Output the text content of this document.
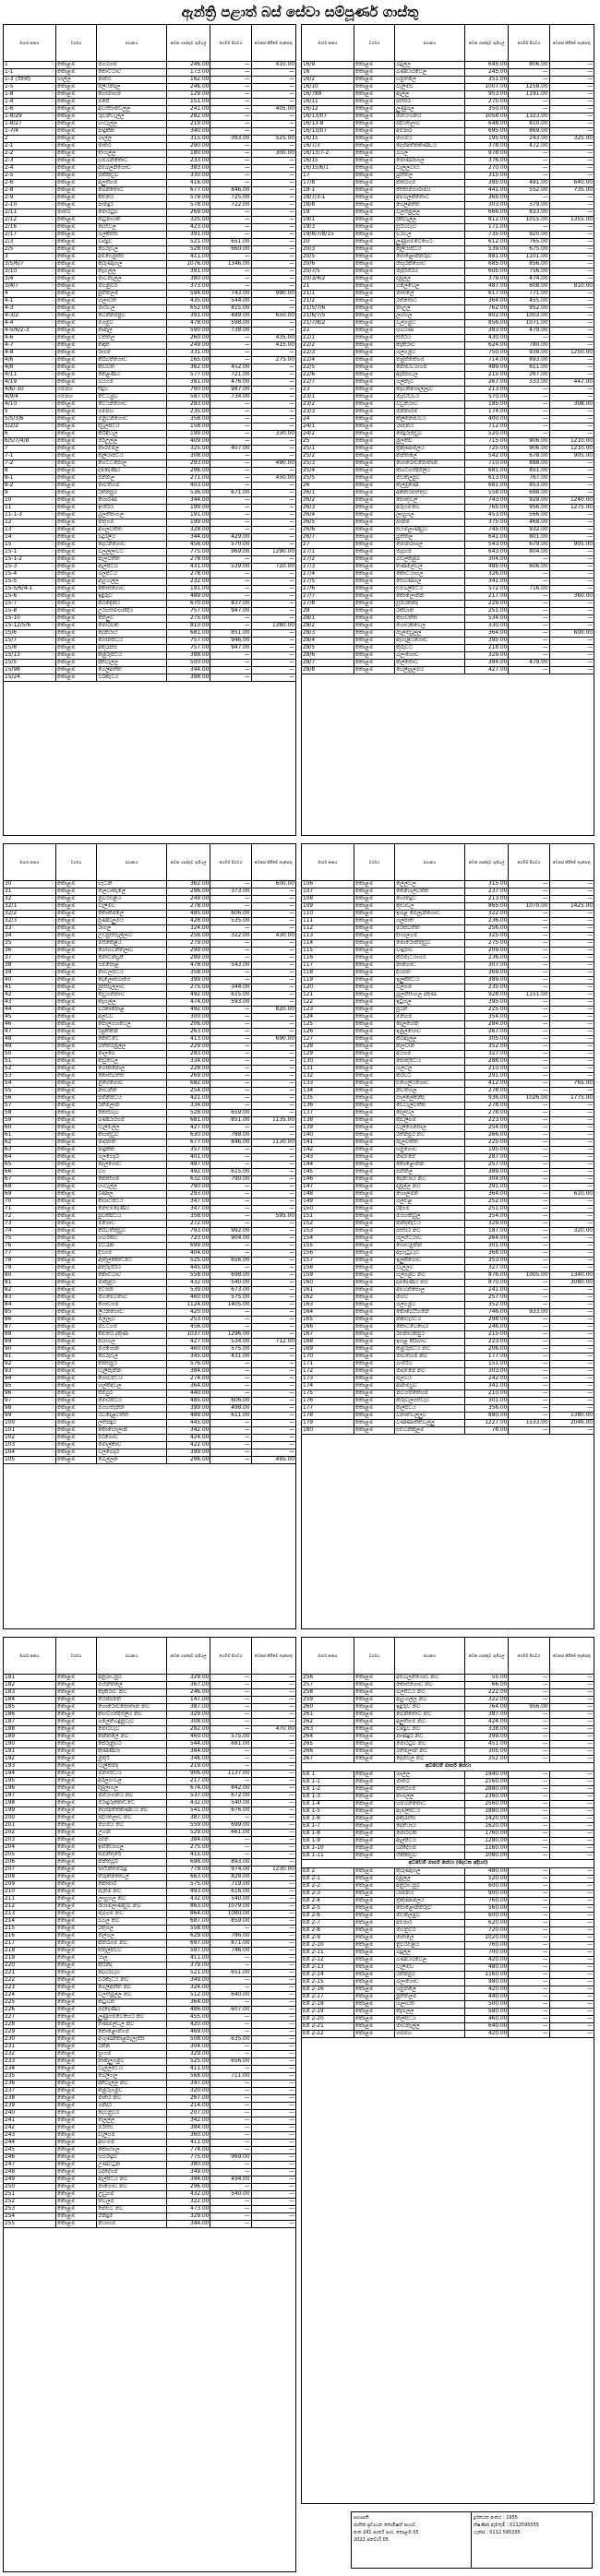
ඇන්ත්‍රි පළාත් බස් සේවා සම්පූර්ණ ගාස්තු
මාර්ග අංකය	වර්ගය	ස්ථානය	නවක ගාස්තුව රුපියල්	ගෙවීම් පියවර	වෙනස් කිරීමේ තැන්පතු
1	කොළඹ	මහරගම	246.00	—	410.00
1-1	කොළඹ	කොට්ටාව	173.00	—	—
1-3 (ඊකේ)	ගාල්ල	මාතර	162.00	—	—
1-5	කොළඹ	පිලියන්දල	246.00	—	—
1-8	කොළඹ	හෝමාගම	129.00	—	—
1-4	කොළඹ	මීපේ	151.00	—	—
1-6	කොළඹ	අවිස්සාවේල්ල	241.00	—	405.00
1-8/29	කොළඹ	රුවන්වැල්ල	282.00	—	—
1-8/27	කොළඹ	හංවැල්ල	219.00	—	—
1-7/4	කොළඹ	පාදුක්ක	340.00	—	—
2	කොළඹ	ගාල්ල	315.00	393.00	525.00
2-1	කොළඹ	මාතර	290.00	—	—
2-2	කොළඹ	තංගල්ල	180.00	—	300.00
2-3	කොළඹ	හම්බන්තොට	233.00	—	—
2-4	කොළඹ	අම්බලන්ගොඩ	383.00	—	—
2-5	කොළඹ	හික්කඩුව	330.00	—	—
2-6	කොළඹ	අලුත්ගම	416.00	—	—
2-8	කොළඹ	බෙන්තොට	677.00	846.00	—
2-9	කොළඹ	කළුතර	579.00	725.00	—
2-10	කොළඹ	පානදුර	578.00	722.00	—
2/11	මාතර	මොරටුව	269.00	—	—
2/12	කොළඹ	කටුනායක	325.00	—	—
2/16	කොළඹ	දෙහිවල	423.00	—	—
2/17	කොළඹ	ගල්කිස්ස	391.00	—	—
2/3	කොළඹ	වාද්දුව	521.00	651.00	—
2/5	කොළඹ	බේරුවල	528.00	660.00	—
3	කොළඹ	අම්බේපුස්ස	411.00	—	—
3/5/6/7	කොළඹ	කුරුණෑගල	1076.00	1346.00	—
3/10	කොළඹ	කෑගල්ල	391.00	—	—
3/4	කොළඹ	මාවනැල්ල	380.00	—	—
3/4/7	කොළඹ	මහනුවර	373.00	—	—
4	කොළඹ	පුත්තලම	594.00	743.00	990.00
4-1	කොළඹ	හලාවත	435.00	544.00	—
4-3	කොළඹ	මාරවිල	652.00	815.00	—
4-3/2	කොළඹ	වෙන්නප්පුව	391.00	489.00	650.00
4-4	කොළඹ	මීගමුව	478.00	598.00	—
4-5/6/2-3	කොළඹ	ජාඇල	590.00	738.00	—
4-6	කොළඹ	වත්තල	260.00	—	435.00
4-7	කොළඹ	කඳාන	249.00	—	415.00
4-8	කොළඹ	රාගම	331.00	—	—
4/6	කොළඹ	කිරිබත්ගොඩ	165.00	—	275.00
4/8	කොළඹ	කඩවත	362.00	452.00	—
4/11	කොළඹ	කෙළණිය	577.00	721.00	—
4/19	කොළඹ	බියගම	381.00	476.00	—
4/6/-10	ගම්පහ	සීදුව	790.00	987.00	—
4/9/4	ගම්පහ	නිට්ටඹුව	587.00	734.00	—
4/10	කොළඹ	වේයන්ගොඩ	283.00	—	—
5	කොළඹ	ගම්පහ	235.00	—	—
5/5/3/6	කොළඹ	මිනුවන්ගොඩ	358.00	—	—
5/2/2	කොළඹ	දිවුලපිටිය	158.00	—	—
6	කොළඹ	කිරිඳිවැල	199.00	—	330.00
6/5/7/4/8	කොළඹ	ගිරිඋල්ල	409.00	—	—
7	කොළඹ	නාරම්මල	325.00	407.00	—
7-1	කොළඹ	කුලියාපිටිය	308.00	—	—
7-2	කොළඹ	හෙට්ටිපොල	293.00	—	490.00
8	කොළඹ	දඹදෙණිය	296.00	—	—
8-1	කොළඹ	පන්නල	271.00	—	450.00
8-2	කොළඹ	මාවතගම	403.00	—	—
9	කොළඹ	රත්නපුර	536.00	671.00	—
10	කොළඹ	හොරණ	344.00	—	—
11	කොළඹ	ඉංගිරිය	199.00	—	—
11-1-3	කොළඹ	බුලත්සිංහල	191.00	—	—
12	කොළඹ	මතුගම	199.00	—	—
13	කොළඹ	අගලවත්ත	328.00	—	—
14	කොළඹ	බදුරලිය	344.00	429.00	—
15	කොළඹ	දොඩන්ගොඩ	456.00	570.00	—
15-1	කොළඹ	වලල්ලාවිට	775.00	969.00	1290.00
15-1-2	කොළඹ	පැලවත්ත	278.00	—	—
15-3	කොළඹ	ඇල්පිටිය	431.00	539.00	720.00
15-4	කොළඹ	බලපිටිය	278.00	—	—
15-5	කොළඹ	අහුංගල්ල	232.00	—	—
15-5/6/4-1	කොළඹ	කොස්ගොඩ	191.00	—	—
15-6	කොළඹ	ඉඳුරුව	489.00	—	—
15-7	කොළඹ	කරඳෙනිය	670.00	837.00	—
15-8	කොළඹ	උරගස්මංහන්දිය	757.00	947.00	—
15-10	කොළඹ	නෙලුව	275.00	—	—
15-12/5/6	කොළඹ	මොරවක	810.00	—	1380.00
15/6	කොළඹ	දෙනියාය	681.00	851.00	—
15/7	කොළඹ	ගෝනපිටිය	757.00	946.00	—
15/8	කොළඹ	අකුරැස්ස	757.00	947.00	—
15/13	කොළඹ	කඹුරුපිටිය	388.00	—	—
15/5	කොළඹ	දික්වැල්ල	500.00	—	—
15/98	කොළඹ	බෙලිඅත්ත	344.00	—	—
15/24	කොළඹ	වීරකැටිය	398.00	—	—
මාර්ග අංකය	වර්ගය	ස්ථානය	නවක ගාස්තුව රුපියල්	ගෙවීම් පියවර	වෙනස් කිරීමේ තැන්පතු
16/9	කොළඹ	බදුල්ල	645.00	806.00	—
16	කොළඹ	බණ්ඩාරවෙල	245.00	—	—
16/2	කොළඹ	හපුතලේ	351.00	—	—
16/10	කොළඹ	වැලිමඩ	1007.00	1258.00	—
16/788	කොළඹ	ඇල්ල	953.00	1191.00	—
16/11	කොළඹ	පස්සර	275.00	—	—
16/12	කොළඹ	ලුණුගල	350.00	—	—
16/13/07	කොළඹ	මහියංගනය	1058.00	1323.00	—
16/13-8	කොළඹ	පදියතලාව	648.00	810.00	—
16/13/07	කොළඹ	අම්පාර	695.00	869.00	—
16/15	කොළඹ	මහඔය	195.00	243.00	325.00
16/7/3	කොළඹ	දෙහිඅත්තකණ්ඩිය	378.00	472.00	—
16/13/7-2	කොළඹ	බිබිල	978.00	—	—
16/15	කොළඹ	මොණරාගල	376.00	—	—
16/15/6/1	කොළඹ	වැල්ලවාය	270.00	—	—
17	කොළඹ	බුත්තල	315.00	—	—
17/8	කොළඹ	කතරගම	385.00	481.00	640.00
18-1	කොළඹ	තිස්සමහාරාමය	441.00	552.00	735.00
18/7/3-1	කොළඹ	අම්බලන්තොට	365.00	—	—
18/8	කොළඹ	බෙලිඅත්ත	303.00	379.00	—
19	කොළඹ	වලස්මුල්ල	666.00	833.00	—
19/1	කොළඹ	දික්වැල්ල	812.00	1015.00	1355.00
19/3	කොළඹ	සූරියවැව	171.00	—	—
19/8/7/8/15	කොළඹ	වීරවිල	735.00	920.00	—
20	කොළඹ	ලුණුගම්වෙහෙර	612.00	765.00	—
20/3	කොළඹ	කුලියාපිටිය	539.00	675.00	—
20/5	කොළඹ	පොළොන්නරුව	881.00	1101.00	—
20/6	කොළඹ	හිඟුරක්ගොඩ	685.00	856.00	—
20/7/5	කොළඹ	මැදිරිගිරිය	605.00	756.00	—
20/3/4/2	කොළඹ	දඹුල්ල	379.00	474.00	—
21	කොළඹ	ගලේවෙල	487.00	608.00	810.00
21/1	කොළඹ	මාතලේ	617.00	771.00	—
21/2	කොළඹ	රත්තොට	364.00	455.00	—
21/5/7/6	කොළඹ	නාඋල	762.00	952.00	—
21/6/7/5	කොළඹ	ලග්ගල	802.00	1003.00	—
21/7/8/2	කොළඹ	විල්ගමුව	856.00	1071.00	—
22	කොළඹ	හබරණ	383.00	479.00	—
22/1	කොළඹ	සීගිරිය	430.00	—	—
22/2	කොළඹ	කැකිරාව	624.00	780.00	—
22/3	කොළඹ	ගල්ගමුව	750.00	938.00	1250.00
22/4	කොළඹ	තඹුත්තේගම	714.00	893.00	—
22/5	කොළඹ	නොච්චියාගම	489.00	611.00	—
22/6	කොළඹ	ඇප්පාවල	215.00	267.00	—
22/7	කොළඹ	ගල්නෑව	267.00	333.00	447.00
23	කොළඹ	කැබිතිගොල්ලෑව	213.00	—	—
23/1	කොළඹ	මැදවච්චිය	570.00	—	—
23/2	කොළඹ	වවුනියාව	185.00	—	308.00
23/3	කොළඹ	මන්නාරම	174.00	—	—
24	කොළඹ	කිලිනොච්චිය	400.00	—	—
24/1	කොළඹ	යාපනය	712.00	—	—
24/2	කොළඹ	පේදුරුතුඩුව	520.00	—	—
25	කොළඹ	මුලතිව්	715.00	906.00	1210.00
25/1	කොළඹ	ත්‍රිකුණාමලය	725.00	906.00	1210.00
25/2	කොළඹ	කන්තලේ	542.00	678.00	905.00
25/3	කොළඹ	හොරොව්පොතාන	710.00	888.00	—
25/4	කොළඹ	කහටගස්දිගිලිය	681.00	851.00	—
25/5	කොළඹ	මඩකලපුව	613.00	767.00	—
26	කොළඹ	කල්මුණේ	681.00	853.00	—
26/1	කොළඹ	අක්කරපත්තුව	558.00	698.00	—
26/2	කොළඹ	පොතුවිල්	743.00	929.00	1240.00
26/3	කොළඹ	අරුගම්බේ	765.00	956.00	1275.00
26/4	කොළඹ	ලාහුගල	453.00	566.00	—
26/5	කොළඹ	පානම	375.00	468.00	—
26/6	කොළඹ	සියඹලාණ්ඩුව	745.00	932.00	—
26/7	කොළඹ	බුත්තල	641.00	801.00	—
27	කොළඹ	මොනරාගල	543.00	679.00	905.00
27/1	කොළඹ	මැදගම	643.00	804.00	—
27/2	කොළඹ	බඩල්කුඹුර	304.00	—	—
27/3	කොළඹ	තණමල්විල	485.00	606.00	—
27/4	කොළඹ	කොටියාගල	326.00	—	—
27/5	කොළඹ	සෙවණගල	341.00	—	—
27/6	කොළඹ	එම්බිලිපිටිය	572.00	716.00	—
27/7	කොළඹ	කොලොන්න	217.00	—	360.00
27/8	කොළඹ	සූරියකන්ද	229.00	—	—
28	කොළඹ	රක්වාන	251.00	—	—
28/1	කොළඹ	කහවත්ත	534.00	—	—
28/2	කොළඹ	ගොඩකවෙල	330.00	—	—
28/3	කොළඹ	පැල්මඩුල්ල	364.00	—	600.00
28/4	කොළඹ	ඇහැළියගොඩ	395.00	—	—
28/5	කොළඹ	කුරුවිට	218.00	—	—
28/6	කොළඹ	බලංගොඩ	329.00	—	—
28/7	කොළඹ	කල්තොට	384.00	479.00	—
28/8	කොළඹ	බෙලිහුල්ඔය	427.00	—	—
මාර්ග අංකය	වර්ගය	ස්ථානය	නවක ගාස්තුව රුපියල්	ගෙවීම් පියවර	වෙනස් කිරීමේ තැන්පතු
30	කොළඹ	හැටන්	362.00	—	600.00
31	කොළඹ	තලවාකැලේ	296.00	373.00	—
32	කොළඹ	නුවරඑළිය	249.00	—	—
32/1	කොළඹ	වැලිමඩ	278.00	—	—
32/2	කොළඹ	කොත්මලේ	485.00	606.00	—
32/3	කොළඹ	පූණ්ඩලුඔය	428.00	535.00	—
33	කොළඹ	රාගල	324.00	—	—
34	කොළඹ	උඩපුස්සැල්ලාව	256.00	322.00	430.00
35	කොළඹ	මස්කෙළිය	279.00	—	—
36	කොළඹ	බෝගවන්තලාව	299.00	—	—
37	කොළඹ	නෝටන්බ්‍රිජ්	289.00	—	—
38	කොළඹ	ගම්පොළ	478.00	543.00	—
39	කොළඹ	නාවලපිටිය	358.00	—	—
40	කොළඹ	දොලොස්බාගේ	399.00	—	—
41	කොළඹ	පුස්සැල්ලාව	275.00	344.00	—
42	කොළඹ	කඩුගන්නාව	492.00	615.00	—
43	කොළඹ	කෑගල්ල	474.00	593.00	—
44	කොළඹ	වරකාපොළ	492.00	—	820.00
45	කොළඹ	අලව්ව	300.00	—	—
46	කොළඹ	පොල්ගහවෙල	206.00	—	—
47	කොළඹ	රඹුක්කන	263.00	—	—
48	කොළඹ	කෝට්ටේ	413.00	—	690.00
49	කොළඹ	බත්තරමුල්ල	229.00	—	—
50	කොළඹ	මාලබේ	283.00	—	—
51	කොළඹ	කඩුවෙල	334.00	—	—
52	කොළඹ	ගෝනපොල	228.00	—	—
53	කොළඹ	කොස්වත්ත	269.00	—	—
54	කොළඹ	නුගේගොඩ	682.00	—	—
55	කොළඹ	නාවින්න	254.00	—	—
56	කොළඹ	පන්නිපිටිය	421.00	—	—
57	කොළඹ	රත්මලාන	334.00	—	—
58	කොළඹ	කෙස්බෑව	528.00	659.00	—
59	කොළඹ	බණ්ඩාරගම	681.00	851.00	1135.00
60	කොළඹ	වැල්මිල්ල	427.00	—	—
61	කොළඹ	කහතුඩුව	630.00	788.00	—
62	කොළඹ	මාදපාත	677.00	846.00	1130.00
63	කොළඹ	පාදුක්ක	357.00	—	—
64	කොළඹ	ගලගෙදර	401.00	—	—
65	කොළඹ	දෙල්ගොඩ	487.00	—	—
66	කොළඹ	වග	492.00	615.00	—
67	කොළඹ	කෝස්ගම	632.00	790.00	—
68	කොළඹ	හංවැල්ල	790.00	—	—
69	කොළඹ	රණාල	293.00	—	—
70	කොළඹ	කහාටපිටිය	347.00	—	—
71	කොළඹ	නෙළුම්දෙණිය	347.00	—	—
72	කොළඹ	පුවක්පිටිය	358.00	—	595.00
73	කොළඹ	මීගොඩ	272.00	—	—
74	කොළඹ	කිරිවත්තුඩුව	793.00	992.00	—
75	කොළඹ	හබරකඩ	723.00	904.00	—
76	කොළඹ	වටරැක	699.00	—	—
77	කොළඹ	දියගම	404.00	—	—
78	කොළඹ	ඇතුල්කෝට්ටේ	525.00	656.00	—
79	කොළඹ	අතුරුගිරිය	445.00	—	—
80	කොළඹ	කොට්ටාව	558.00	698.00	—
81	කොළඹ	මාකුඹුර	432.00	540.00	—
82	කොළඹ	පිටිපන	539.00	673.00	—
83	කොළඹ	මහමේවනාව	460.00	575.00	—
84	කොළඹ	ගොඩගම	1124.00	1405.00	—
85	කොළඹ	ලියනගොඩ	420.00	—	—
86	කොළඹ	මිල්ලෑව	253.00	—	—
87	කොළඹ	ඕවිටිගම	456.00	—	—
88	කොළඹ	කළුතර දකුණ	1037.00	1296.00	—
89	කොළඹ	පයාගල	427.00	534.00	712.00
90	කොළඹ	මග්ගොන	460.00	575.00	—
91	කොළඹ	බේරුවල	345.00	431.00	—
92	කොළඹ	තිස්සපුර	576.00	—	—
93	කොළඹ	වැලිපැන්න	384.00	—	—
94	කොළඹ	ගොඩපිටිය	274.00	—	—
95	කොළඹ	හල්කඳවිල	364.00	—	—
96	කොළඹ	පිම්බුර	440.00	—	—
97	කොළඹ	මොරපිටිය	485.00	606.00	—
98	කොළඹ	මීගහතැන්න	399.00	498.00	—
99	කොළඹ	යටදොළවත්ත	489.00	611.00	—
100	කොළඹ	ලත්පඳුර	445.00	—	—
101	කොළඹ	කොහොලාන	342.00	—	—
102	කොළඹ	පරගොඩ	424.00	—	—
103	කොළඹ	මොල්කාව	422.00	—	—
104	කොළඹ	වලගෙදර	399.00	—	—
105	කොළඹ	බෙල්ලන	296.00	—	495.00
මාර්ග අංකය	වර්ගය	ස්ථානය	නවක ගාස්තුව රුපියල්	ගෙවීම් පියවර	වෙනස් කිරීමේ තැන්පතු
106	කොළඹ	ලේල්වල	315.00	—	—
107	කොළඹ	කෙහෙල්වත්ත	237.00	—	—
108	කොළඹ	ගෝනදුව	213.00	—	—
109	කොළඹ	කුඩාවීල	865.00	1070.00	1425.00
110	කොළඹ	ඉහළ පෙලැන්ගොඩ	322.00	—	—
111	කොළඹ	ගල්පාත	236.00	—	—
112	කොළඹ	මිරිස්වත්ත	256.00	—	—
113	කොළඹ	සිංහලගම	325.00	—	—
114	කොළඹ	මොරොන්තුඩුව	275.00	—	—
115	කොළඹ	වාදුරාව	209.00	—	—
116	කොළඹ	කිරිමැටියාගර	236.00	—	—
117	කොළඹ	නාගොඩ	307.00	—	—
118	කොළඹ	දියපත	369.00	—	—
119	කොළඹ	ඉලුක්පිටිය	389.00	—	—
120	කොළඹ	වල්ගම	235.00	—	—
121	කොළඹ	බුලත්සිංහල දකුණ	928.00	1151.00	—
122	කොළඹ	ඉටුගල	395.00	—	—
123	කොළඹ	පුරන්	225.00	—	—
124	කොළඹ	මිනිගම	354.00	—	—
125	කොළඹ	දොලහේන	284.00	—	—
126	කොළඹ	ඉඹුල්ගොඩ	267.00	—	—
127	කොළඹ	කිරිඇල්ල	305.00	—	—
128	කොළඹ	කලවාන	352.00	—	—
129	කොළඹ	අයගම	327.00	—	—
130	කොළඹ	පොතුපිටිය	288.00	—	—
131	කොළඹ	ගල්වල	210.00	—	—
132	කොළඹ	කරවිට	291.00	—	—
133	කොළඹ	එහෙලියගොඩ	412.00	—	765.00
134	කොළඹ	නිවිතිගල	278.00	—	—
135	කොළඹ	පාල්ලේකන්ද	936.00	1026.00	1775.00
136	කොළඹ	වේවැල්වත්ත	278.00	—	—
137	කොළඹ	දෙල්වල	278.00	—	—
138	කොළඹ	කුඩලිගම	223.00	—	—
139	කොළඹ	වැලිගෙපොල	254.00	—	—
140	කොළඹ	රත්නපුර නව	266.00	—	—
141	කොළඹ	පැලවත්ත	225.00	—	—
142	කොළඹ	හපුගොඩ	195.00	—	—
143	කොළඹ	මාදම්පේ	287.00	—	—
144	කොළඹ	කොළොන්න	257.00	—	—
145	කොළඹ	පන්නිල	389.00	—	—
146	කොළඹ	දෙනියාය නව	304.00	—	—
147	කොළඹ	දඹුල්ල නව	391.00	—	—
148	කොළඹ	හොල්මන්	364.00	—	610.00
149	කොළඹ	ගල්එළ	252.00	—	—
150	කොළඹ	රිදීගම	251.00	—	—
151	කොළඹ	මීගහකිවුල	354.00	—	—
152	කොළඹ	කන්දකැටිය	329.00	—	—
153	කොළඹ	පස්සර නව	187.00	—	320.00
154	කොළඹ	ගලහිටියාව	264.00	—	—
155	කොළඹ	ගොඩමුන්න	301.00	—	—
156	කොළඹ	ඇහැටුවැව	368.00	—	—
157	කොළඹ	ඉලුක්ගොඩ	353.00	—	—
158	කොළඹ	වැල්ලව	327.00	—	—
159	කොළඹ	ගල්ගමුව නව	876.00	1005.00	1340.00
160	කොළඹ	දඹදෙණිය නව	870.00	—	3080.00
161	කොළඹ	අම්බන්පොල	241.00	—	—
162	කොළඹ	මහව	257.00	—	—
163	කොළඹ	ගල්ගමුව	352.00	—	—
164	කොළඹ	කොබෙයිගනේ	746.00	933.00	—
165	කොළඹ	නිකවැරටිය	298.00	—	—
166	කොළඹ	කොටවෙහෙර	246.00	—	—
167	කොළඹ	රසනායකපුර	215.00	—	—
168	කොළඹ	ඉහළ කිරිබාව	223.00	—	—
169	කොළඹ	කඹුරුපිටිය නව	206.00	—	—
170	කොළඹ	මාවතගම නව	177.00	—	—
171	කොළඹ	බිංගිරිය	151.00	—	—
172	කොළඹ	මාදම්පේ නව	303.00	—	—
173	කොළඹ	පලවිය	242.00	—	—
174	කොළඹ	ආනමඩුව	341.00	—	—
175	කොළඹ	නවගත්තේගම	210.00	—	—
176	කොළඹ	කරුවලගස්වැව	301.00	—	—
177	කොළඹ	කල්පිටිය	356.00	—	—
178	කොළඹ	වනාතවිල්ලුව	880.00	—	1380.00
179	කොළඹ	වණ්ණාත්තිවිල්ලු	1227.00	1533.00	2046.00
180	කොළඹ	එළුවන්කුලම	78.00	—	—
මාර්ග අංකය	වර්ගය	ස්ථානය	නවක ගාස්තුව රුපියල්	ගෙවීම් පියවර	වෙනස් කිරීමේ තැන්පතු
181	කොළඹ	අනුරාධපුර	329.00	—	—
182	කොළඹ	මිහින්තලේ	367.00	—	—
183	කොළඹ	කැකිරාව නව	246.00	—	—
184	කොළඹ	තිරප්පනේ	147.00	—	—
185	කොළඹ	හොරොව්පොතාන නව	387.00	—	—
186	කොළඹ	කහටගස්දිගිලිය නව	329.00	—	—
187	කොළඹ	ගලේන්බිඳුනුවැව	308.00	—	—
188	කොළඹ	මොරවැව	282.00	—	470.00
189	කොළඹ	කන්තලේ නව	460.00	575.00	—
190	කොළඹ	සේරුනුවර	544.00	681.00	—
191	කොළඹ	කිණ්ණියා	384.00	—	—
192	කොළඹ	මුතූර්	346.00	—	—
193	කොළඹ	වැලිකන්ද	219.00	—	—
194	කොළඹ	මනම්පිටිය	906.00	1137.00	—
195	කොළඹ	අරලගංවිල	217.00	—	—
196	කොළඹ	දිඹුලාගල	674.00	842.00	—
197	කොළඹ	මහියංගනය නව	537.00	672.00	—
198	කොළඹ	ගිරාදුරුකෝට්ටේ	432.00	540.00	—
199	කොළඹ	දෙහිඅත්තකණ්ඩිය නව	541.00	676.00	—
200	කොළඹ	පදියතලාව නව	387.00	—	—
201	කොළඹ	මහඔය නව	559.00	699.00	—
202	කොළඹ	උහන	529.00	661.00	—
203	කොළඹ	දමන	384.00	—	—
204	කොළඹ	ඉඟිනියාගල	275.00	—	—
205	කොළඹ	සමන්තුරේ	415.00	—	—
206	කොළඹ	නින්තවූර්	698.00	893.00	—
207	කොළඹ	සායින්තමරුදු	779.00	974.00	1230.00
208	කොළඹ	තිරුක්කෝවිල්	663.00	828.00	—
209	කොළඹ	කෝමාරි	575.00	719.00	—
210	කොළඹ	පැනම නව	493.00	616.00	—
211	කොළඹ	ලාහුගල නව	432.00	540.00	—
212	කොළඹ	ශියාඹලාණ්ඩුව නව	863.00	1079.00	—
213	කොළඹ	මැදගම නව	864.00	1080.00	—
214	කොළඹ	බිබිල නව	687.00	859.00	—
215	කොළඹ	රතුගල	558.00	—	—
216	කොළඹ	නිල්ගල	629.00	786.00	—
217	කොළඹ	කතරගම නව	697.00	871.00	—
218	කොළඹ	සිතුල්පව්ව	597.00	746.00	—
219	කොළඹ	යාල	411.00	—	—
220	කොළඹ	කිරින්ද	379.00	—	—
221	කොළඹ	දෙබරවැව	521.00	651.00	—
222	කොළඹ	වීරකැටිය නව	349.00	—	—
223	කොළඹ	බෙලිඅත්ත නව	324.00	—	—
224	කොළඹ	වලස්මුල්ල නව	512.00	640.00	—
225	කොළඹ	කටුවන	364.00	—	—
226	කොළඹ	මිද්දෙණිය	486.00	607.00	—
227	කොළඹ	ලුණුගම්වෙහෙර නව	455.00	—	—
228	කොළඹ	තණමල්විල නව	420.00	—	—
229	කොළඹ	කොළොන්ගම	469.00	—	—
230	කොළඹ	අංගුණකොළපැලැස්ස	508.00	635.00	—
231	කොළඹ	රන්න	304.00	—	—
232	කොළඹ	හුංගම	329.00	—	—
233	කොළඹ	නාකුලුගමුව	525.00	656.00	—
234	කොළඹ	වැල්ලපිටිය	411.00	—	—
235	කොළඹ	බෙලිගල	568.00	711.00	—
236	කොළඹ	දික්වැල්ල නව	347.00	—	—
237	කොළඹ	කඹුරුගමුව	320.00	—	—
238	කොළඹ	මාතර නව	267.00	—	—
239	කොළඹ	ගන්දර	214.00	—	—
240	කොළඹ	දෙවිනුවර	207.00	—	—
241	කොළඹ	තලල්ල	342.00	—	—
242	කොළඹ	මිරිස්ස	384.00	—	—
243	කොළඹ	වැලිගම	360.00	—	—
244	කොළඹ	අහංගම	411.00	—	—
245	කොළඹ	කොග්ගල	774.00	—	—
246	කොළඹ	හබරාදූව	775.00	969.00	—
247	කොළඹ	උණවටුන	380.00	—	—
248	කොළඹ	බද්දේගම	349.00	—	—
249	කොළඹ	ඇල්පිටිය නව	394.00	494.00	—
250	කොළඹ	නාගොඩ නව	296.00	—	—
251	කොළඹ	උඩුගම	432.00	540.00	—
252	කොළඹ	තවලම	322.00	—	—
253	කොළඹ	නෙළුව නව	473.00	—	—
254	කොළඹ	හිනිදුම	329.00	—	—
255	කොළඹ	නියාගම	344.00	—	—
මාර්ග අංකය	වර්ගය	ස්ථානය	නවක ගාස්තුව රුපියල්	ගෙවීම් පියවර	වෙනස් කිරීමේ තැන්පතු
256	කොළඹ	අම්බලන්ගොඩ නව	55.00	—	—
257	කොළඹ	කොස්ගොඩ නව	66.00	—	—
258	කොළඹ	බලපිටිය නව	222.00	—	—
259	කොළඹ	අහුංගල්ල නව	322.00	—	—
260	කොළඹ	ඉඳුරුව නව	764.00	956.00	—
261	කොළඹ	බෙන්තොට නව	387.00	—	—
262	කොළඹ	අලුත්ගම නව	424.00	—	—
263	කොළඹ	වාද්දුව නව	338.00	—	—
264	කොළඹ	පාණදුර නව	399.00	—	—
265	කොළඹ	මොරටුව නව	451.00	—	—
266	කොළඹ	රත්මලාන නව	305.00	—	—
267	කොළඹ	දෙහිවල නව	352.00	—	—
අධිවේගී මාර්ග සේවා
EX 1	කොළඹ	ගාල්ල	1940.00	—	—
EX 1-1	කොළඹ	මාතර	2160.00	—	—
EX 1-2	කොළඹ	කතරගම	2880.00	—	—
EX 1-3	කොළඹ	තංගල්ල	2360.00	—	—
EX 1-4	කොළඹ	හම්බන්තොට	2560.00	—	—
EX 1-5	කොළඹ	ඇඹිලිපිටිය	1880.00	—	—
EX 1-6	කොළඹ	අකුරැස්ස	1420.00	—	—
EX 1-7	කොළඹ	දෙනියාය	1620.00	—	—
EX 1-8	කොළඹ	මොරවක	1760.00	—	—
EX 1-9	කොළඹ	ඇල්පිටිය	1280.00	—	—
EX 1-10	කොළඹ	බද්දේගම	1160.00	—	—
EX 1-11	කොළඹ	හික්කඩුව	1080.00	—	—
අධිවේගී මාර්ග සේවා (දෙවන අදියර)
EX 2	කොළඹ	කුරුණෑගල	480.00	—	—
EX 2-1	කොළඹ	දඹුල්ල	520.00	—	—
EX 2-2	කොළඹ	අනුරාධපුර	600.00	—	—
EX 2-3	කොළඹ	යාපනය	900.00	—	—
EX 2-4	කොළඹ	ත්‍රිකුණාමලය	760.00	—	—
EX 2-5	කොළඹ	පොළොන්නරුව	560.00	—	—
EX 2-6	කොළඹ	මඩකලපුව	600.00	—	—
EX 2-7	කොළඹ	අම්පාර	620.00	—	—
EX 2-8	කොළඹ	මහනුවර	720.00	—	—
EX 2-9	කොළඹ	මාතලේ	1020.00	—	—
EX 2-10	කොළඹ	නුවරඑළිය	760.00	—	—
EX 2-11	කොළඹ	බදුල්ල	700.00	—	—
EX 2-12	කොළඹ	බණ්ඩාරවෙල	420.00	—	—
EX 2-13	කොළඹ	වැලිමඩ	480.00	—	—
EX 2-14	කොළඹ	රත්නපුර	1160.00	—	—
EX 2-15	කොළඹ	බලංගොඩ	980.00	—	—
EX 2-16	කොළඹ	හපුතලේ	420.00	—	—
EX 2-17	කොළඹ	පුත්තලම	440.00	—	—
EX 2-18	කොළඹ	හලාවත	500.00	—	—
EX 2-19	කොළඹ	කෑගල්ල	580.00	—	—
EX 2-20	කොළඹ	කල්පිටිය	460.00	—	—
EX 2-21	කොළඹ	මාවනැල්ල	640.00	—	—
EX 2-22	කොළඹ	ගම්පහ	420.00	—	—
සභාපති
ජාතික ප්‍රවාහන කොමිෂන් සභාව
අංක 241 පාර්ක් පාර, කොළඹ 05
2022 ජනවාරි 05
දුරකථන අංකය : 1955
ක්ෂණික ඇමතුම් : 0112595555
ෆැක්ස් : 0112 595335
